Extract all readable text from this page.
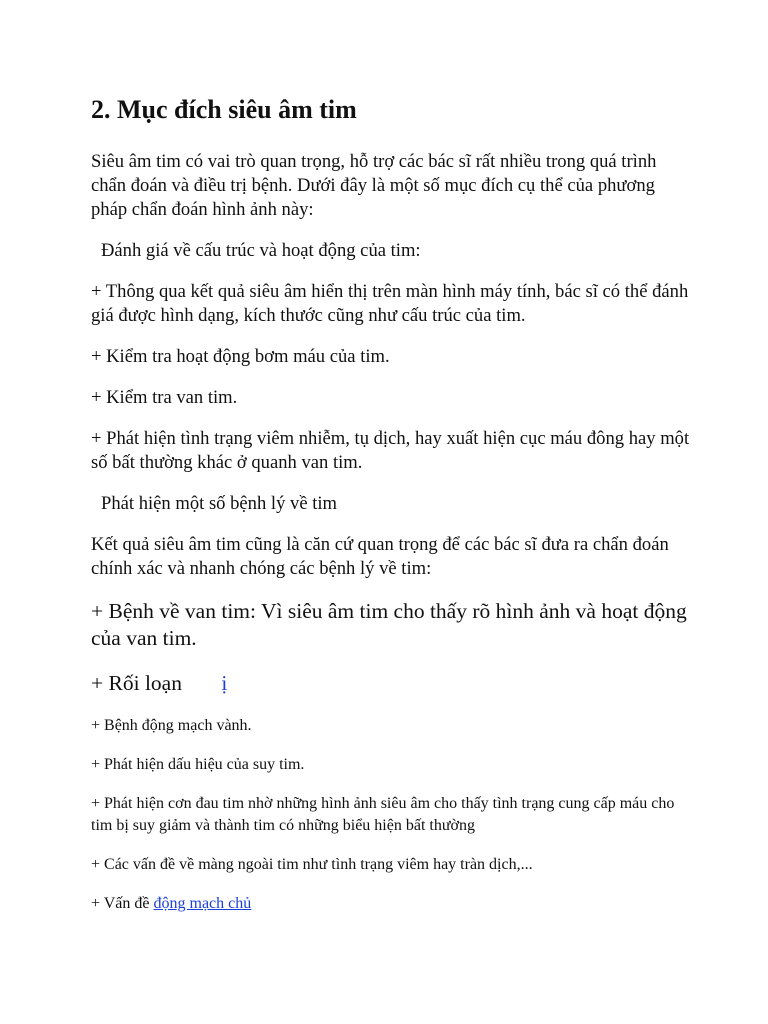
2. Mục đích siêu âm tim

Siêu âm tim có vai trò quan trọng, hỗ trợ các bác sĩ rất nhiều trong quá trình chẩn đoán và điều trị bệnh. Dưới đây là một số mục đích cụ thể của phương pháp chẩn đoán hình ảnh này:

Đánh giá về cấu trúc và hoạt động của tim:

+ Thông qua kết quả siêu âm hiển thị trên màn hình máy tính, bác sĩ có thể đánh giá được hình dạng, kích thước cũng như cấu trúc của tim.

+ Kiểm tra hoạt động bơm máu của tim.

+ Kiểm tra van tim.

+ Phát hiện tình trạng viêm nhiễm, tụ dịch, hay xuất hiện cục máu đông hay một số bất thường khác ở quanh van tim.

Phát hiện một số bệnh lý về tim

Kết quả siêu âm tim cũng là căn cứ quan trọng để các bác sĩ đưa ra chẩn đoán chính xác và nhanh chóng các bệnh lý về tim:

+ Bệnh về van tim: Vì siêu âm tim cho thấy rõ hình ảnh và hoạt động của van tim.

+ Rối loạn ị

+ Bệnh động mạch vành.

+ Phát hiện dấu hiệu của suy tim.

+ Phát hiện cơn đau tim nhờ những hình ảnh siêu âm cho thấy tình trạng cung cấp máu cho tim bị suy giảm và thành tim có những biểu hiện bất thường

+ Các vấn đề về màng ngoài tim như tình trạng viêm hay tràn dịch,...

+ Vấn đề động mạch chủ
